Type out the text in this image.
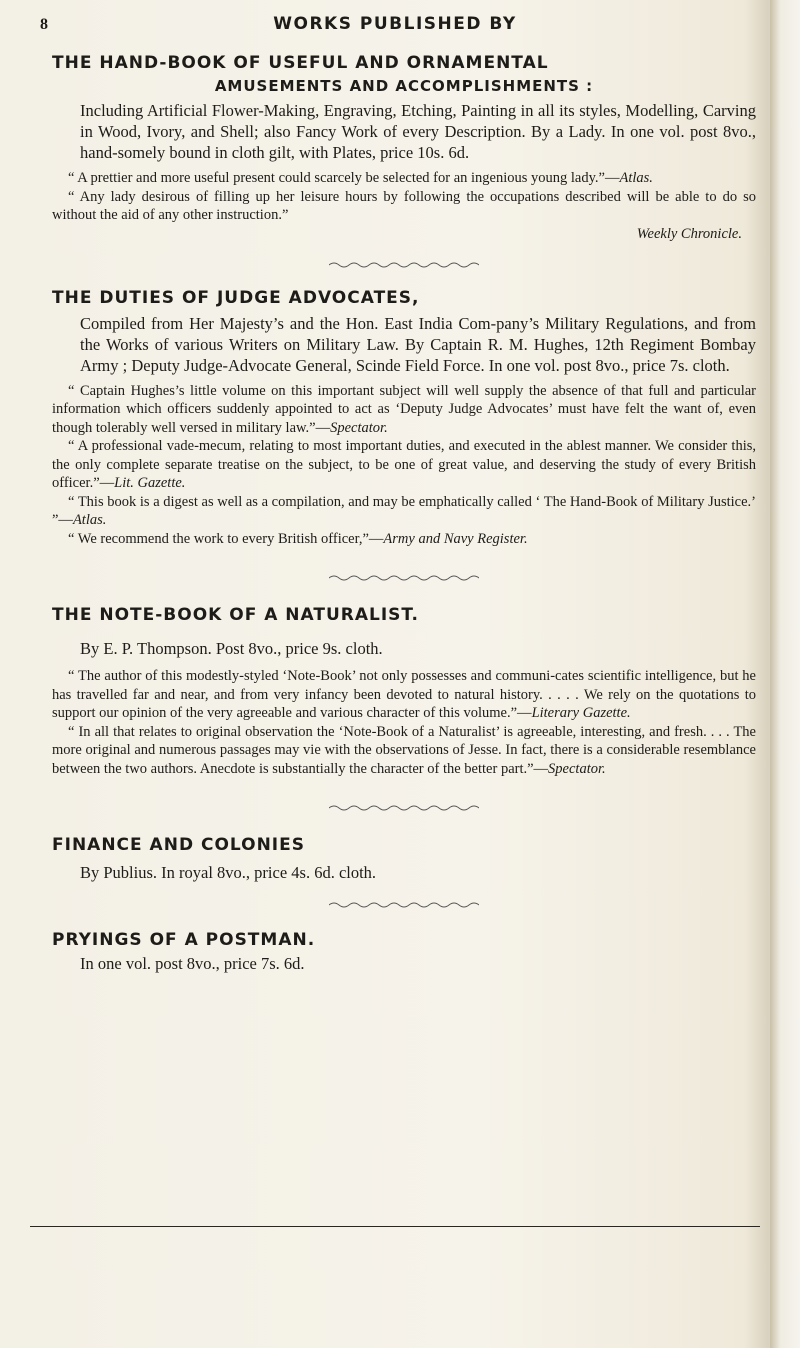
8	WORKS PUBLISHED BY

THE HAND-BOOK OF USEFUL AND ORNAMENTAL

AMUSEMENTS AND ACCOMPLISHMENTS :

Including Artificial Flower-Making, Engraving, Etching, Painting in all its styles, Modelling, Carving in Wood, Ivory, and Shell; also Fancy Work of every Description. By a Lady. In one vol. post 8vo., hand-somely bound in cloth gilt, with Plates, price 10s. 6d.

“ A prettier and more useful present could scarcely be selected for an ingenious young lady.”—Atlas.

“ Any lady desirous of filling up her leisure hours by following the occupations described will be able to do so without the aid of any other instruction.”

Weekly Chronicle.

THE DUTIES OF JUDGE ADVOCATES,

Compiled from Her Majesty’s and the Hon. East India Com-pany’s Military Regulations, and from the Works of various Writers on Military Law. By Captain R. M. Hughes, 12th Regiment Bombay Army ; Deputy Judge-Advocate General, Scinde Field Force. In one vol. post 8vo., price 7s. cloth.

“ Captain Hughes’s little volume on this important subject will well supply the absence of that full and particular information which officers suddenly appointed to act as ‘Deputy Judge Advocates’ must have felt the want of, even though tolerably well versed in military law.”—Spectator.

“ A professional vade-mecum, relating to most important duties, and executed in the ablest manner. We consider this, the only complete separate treatise on the subject, to be one of great value, and deserving the study of every British officer.”—Lit. Gazette.

“ This book is a digest as well as a compilation, and may be emphatically called ‘ The Hand-Book of Military Justice.’ ”—Atlas.

“ We recommend the work to every British officer,”—Army and Navy Register.

THE NOTE-BOOK OF A NATURALIST.

By E. P. Thompson. Post 8vo., price 9s. cloth.

“ The author of this modestly-styled ‘Note-Book’ not only possesses and communi-cates scientific intelligence, but he has travelled far and near, and from very infancy been devoted to natural history. . . . . We rely on the quotations to support our opinion of the very agreeable and various character of this volume.”—Literary Gazette.

“ In all that relates to original observation the ‘Note-Book of a Naturalist’ is agreeable, interesting, and fresh. . . . The more original and numerous passages may vie with the observations of Jesse. In fact, there is a considerable resemblance between the two authors. Anecdote is substantially the character of the better part.”—Spectator.

FINANCE AND COLONIES

By Publius. In royal 8vo., price 4s. 6d. cloth.

PRYINGS OF A POSTMAN.

In one vol. post 8vo., price 7s. 6d.
